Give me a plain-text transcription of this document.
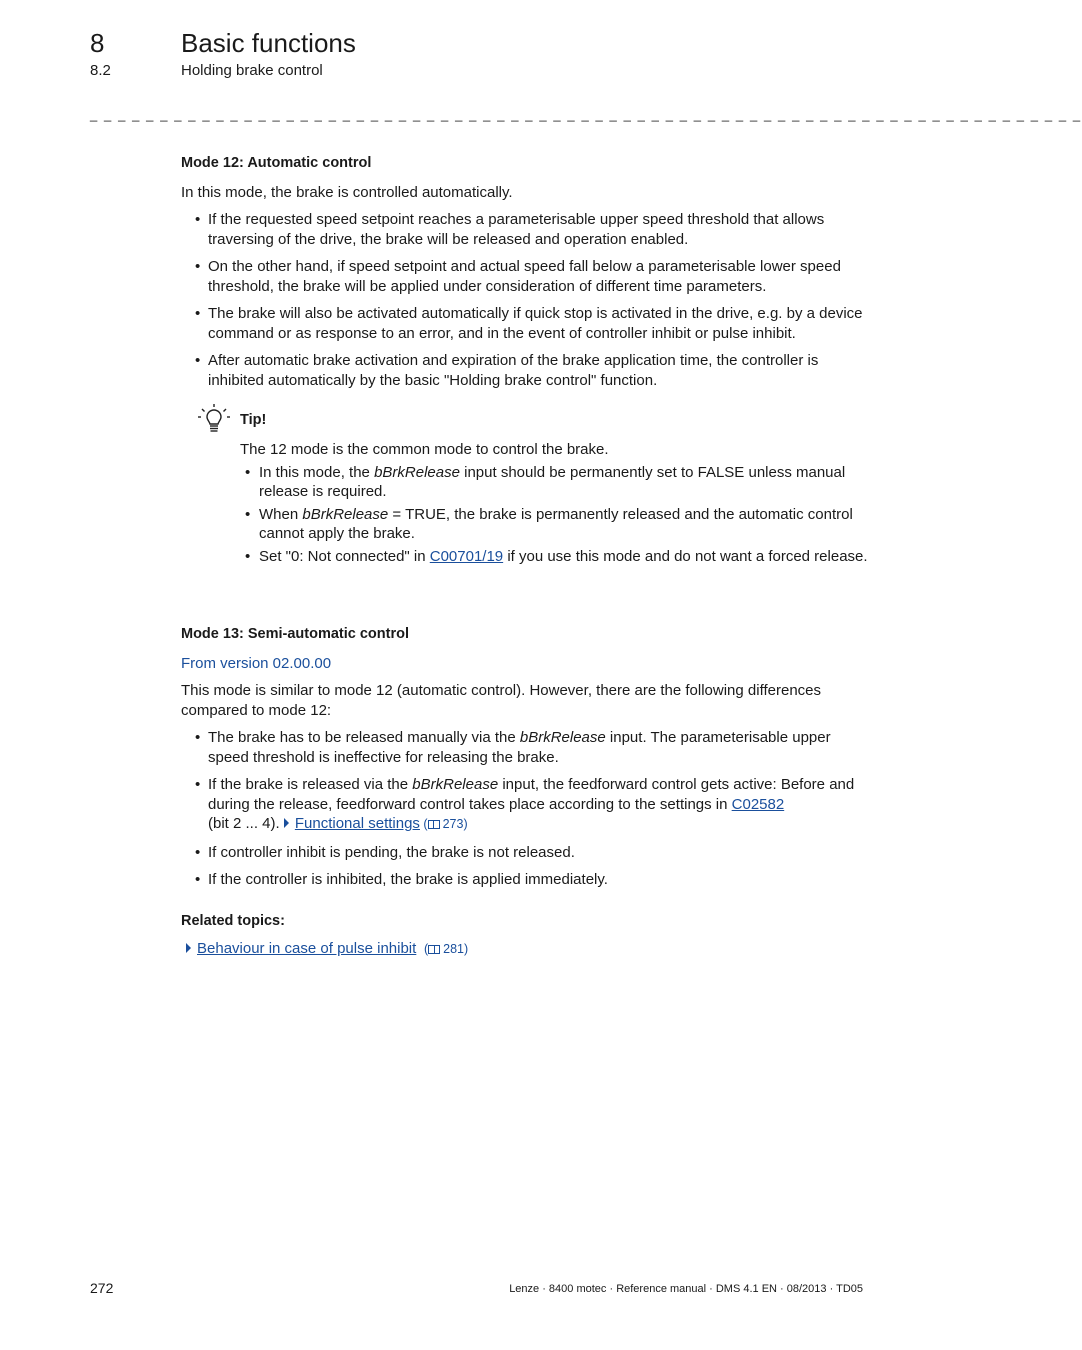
8	Basic functions
8.2	Holding brake control
_ _ _ _ _ _ _ _ _ _ _ _ _ _ _ _ _ _ _ _ _ _ _ _ _ _ _ _ _ _ _ _ _ _ _ _ _ _ _ _ _ _ _ _ _ _ _ _ _ _ _ _ _ _ _ _ _ _ _ _ _ _ _ _ _ _ _ _ _ _ _
Mode 12: Automatic control

In this mode, the brake is controlled automatically.

• If the requested speed setpoint reaches a parameterisable upper speed threshold that allows traversing of the drive, the brake will be released and operation enabled.
• On the other hand, if speed setpoint and actual speed fall below a parameterisable lower speed threshold, the brake will be applied under consideration of different time parameters.
• The brake will also be activated automatically if quick stop is activated in the drive, e.g. by a device command or as response to an error, and in the event of controller inhibit or pulse inhibit.
• After automatic brake activation and expiration of the brake application time, the controller is inhibited automatically by the basic "Holding brake control" function.
Tip!

The 12 mode is the common mode to control the brake.

• In this mode, the bBrkRelease input should be permanently set to FALSE unless manual release is required.
• When bBrkRelease = TRUE, the brake is permanently released and the automatic control cannot apply the brake.
• Set "0: Not connected" in C00701/19 if you use this mode and do not want a forced release.
Mode 13: Semi-automatic control

From version 02.00.00

This mode is similar to mode 12 (automatic control). However, there are the following differences compared to mode 12:

• The brake has to be released manually via the bBrkRelease input. The parameterisable upper speed threshold is ineffective for releasing the brake.
• If the brake is released via the bBrkRelease input, the feedforward control gets active: Before and during the release, feedforward control takes place according to the settings in C02582
(bit 2 ... 4). Functional settings ( 273)
• If controller inhibit is pending, the brake is not released.
• If the controller is inhibited, the brake is applied immediately.
Related topics:

Behaviour in case of pulse inhibit  ( 281)

272	Lenze · 8400 motec · Reference manual · DMS 4.1 EN · 08/2013 · TD05
